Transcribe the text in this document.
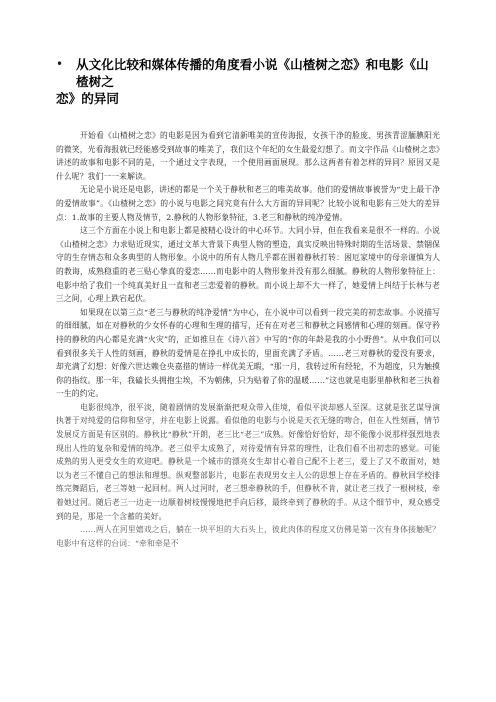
•	从文化比较和媒体传播的角度看小说《山楂树之恋》和电影《山楂树之

恋》的异同

开始看《山楂树之恋》的电影是因为看到它清新唯美的宣传海报，女孩干净的脸庞、男孩青涩腼腆阳光的微笑，光看海报就已经能感受到故事的唯美了，我们这个年纪的女生最爱幻想了。而文字作品《山楂树之恋》讲述的故事和电影不同的是，一个通过文字表现，一个使用画面展现。那么这两者有着怎样的异同？原因又是什么呢？我们一一来解读。

无论是小说还是电影，讲述的都是一个关于静秋和老三的唯美故事。他们的爱情故事被誉为“史上最干净的爱情故事”。《山楂树之恋》的小说与电影之间究竟有什么大方面的异同呢？比较小说和电影有三处大的差异点：1.故事的主要人物及情节，2.静秋的人物形象特征，3.老三和静秋的纯净爱情。

这三个方面在小说上和电影上都是被精心设计的中心环节。大同小异，但在我看来是很不一样的。小说《山楂树之恋》力求贴近现实，通过文革大背景下典型人物的塑造，真实反映出特殊时期的生活场景、禁锢保守的生存情态和众多典型的人物形象。小说中的所有人物几乎都在围着静秋打转：困厄家境中的母亲谨慎为人的教诲，成熟稳重的老三贴心挚真的爱恋……而电影中的人物形象并没有那么细腻。静秋的人物形象特征上：电影中给了我们一个纯真美好且一直和老三恋爱着的静秋。而小说上却不大一样了，她爱情上纠结于长林与老三之间，心理上跌宕起伏。

如果现在以第三点“老三与静秋的纯净爱情”为中心，在小说中可以看到一段完美的初恋故事。小说描写的细细腻，如在对静秋的少女怀春的心理和生理的描写，还有在对老三和静秋之间感情和心理的刻画。保守矜持的静秋的内心都是充满“火灾”的，正如推旦在《诗八首》中写的“你的年龄是我的小小野兽”。从中我们可以看到很多关于人性的刻画，静秋的爱情是在挣扎中成长的，里面充满了矛盾。……老三对静秋的爱没有要求，却充满了幻想：好像六世达赖仓央嘉措的情诗一样优美无暇，“那一月，我转过所有经轮，不为超度，只为触摸你的指纹。那一年，我磕长头拥抱尘埃，不为朝佛，只为贴着了你的温暖……”这也就是电影里静秋和老三执着一生的约定。

电影很纯净，很平淡，随着剧情的发展渐渐把观众带入佳境，看似平淡却感人至深。这就是张艺谋导演执著于对纯爱的信仰和坚守，并在电影上说露。看似他的电影与小说是天衣无缝的吻合，但在人性刻画，情节发展反方面是有区别的。静秋比“静秋”开朗，老三比“老三”成熟。好像恰好恰好，却不能像小说那样强烈地表现出人性的复杂和爱情的纯净。老三似乎太成熟了，对待爱情有异常的理性，让我们看不出初恋的感觉。可能成熟的男人更受女生的欢迎吧。静秋是一个城市的漂亮女生却甘心着自己配不上老三，爱上了又不敢面对，她以为老三不懂自己的想法和理想。纵观整部影片，电影在表现男女主人公的思想上存在矛盾的。静秋回学校排练完舞蹈后，老三等她一起回村。两人过河时，老三想牵静秋的手，但静秋不肯，就让老三找了一根树枝，牵着她过河。随后老三一边走一边顺着树枝慢慢地把手向后移，最终牵到了静秋的手。从这个细节中，观众感受到的是，那是一个含蓄的美好。

……两人在河里嬉戏之后，躺在一块平坦的大石头上，彼此肉体的程度又仿佛是第一次有身体接触呢？电影中有这样的台词：“牵和牵是不
